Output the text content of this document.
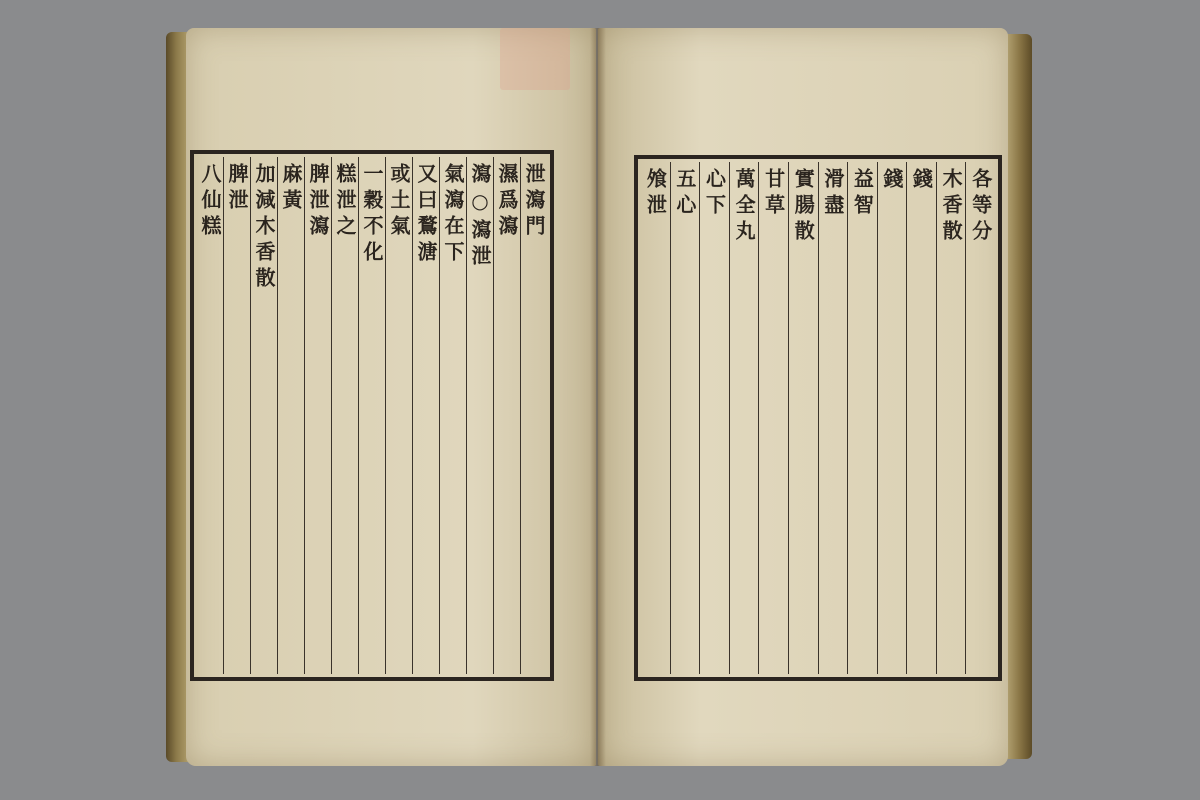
泄瀉門
濕爲瀉
瀉○瀉泄
氣瀉在下
又曰鶩溏
或土氣
一穀不化
糕泄之
脾泄瀉
麻黃
加減木香散
脾泄
八仙糕	各等分
木香散
錢
錢
益智
滑盡
實腸散
甘草
萬全丸
心下
五心
飧泄
